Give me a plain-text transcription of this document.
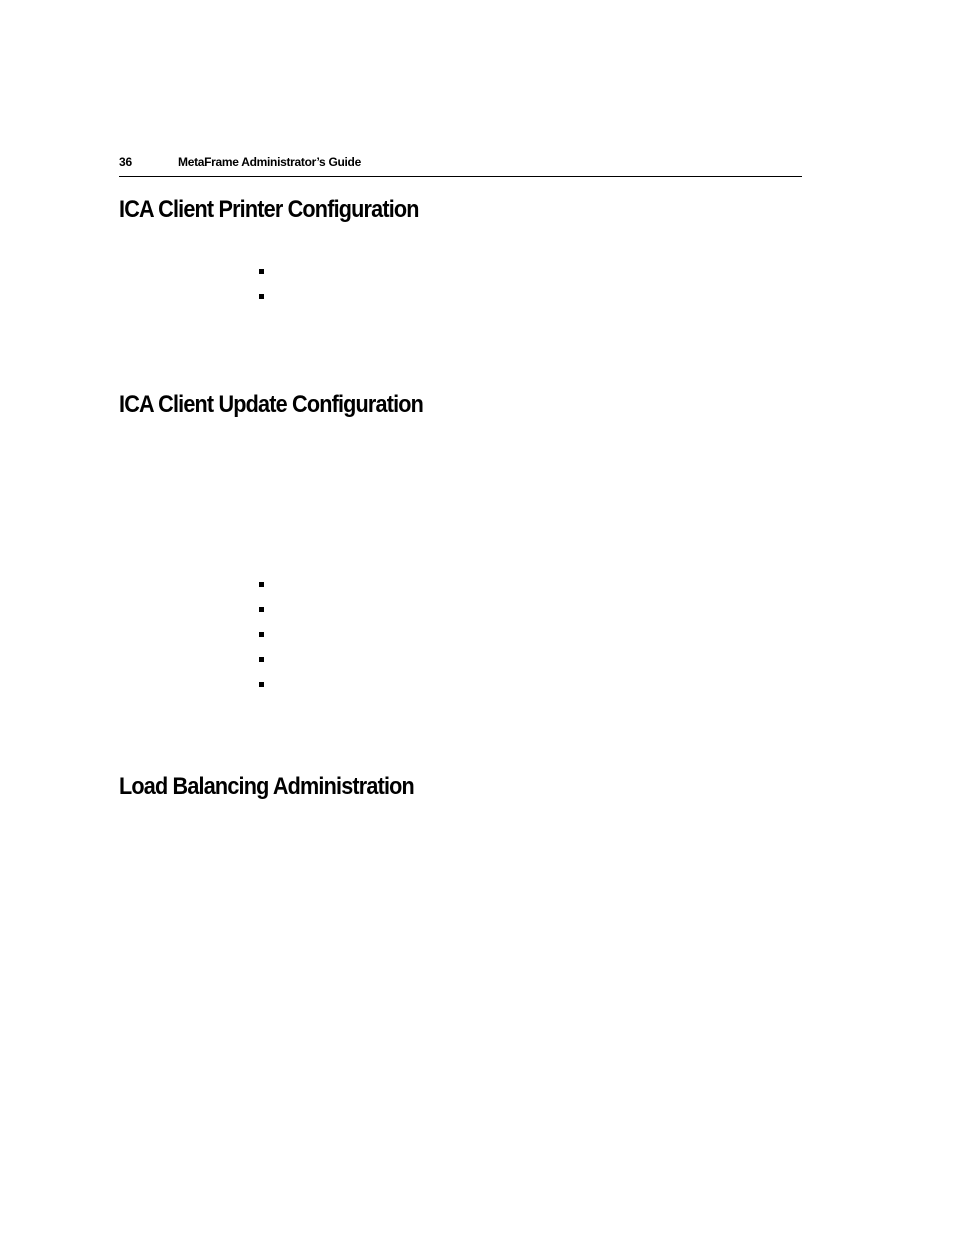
36	MetaFrame Administrator’s Guide
ICA Client Printer Configuration
ICA Client Update Configuration
Load Balancing Administration
